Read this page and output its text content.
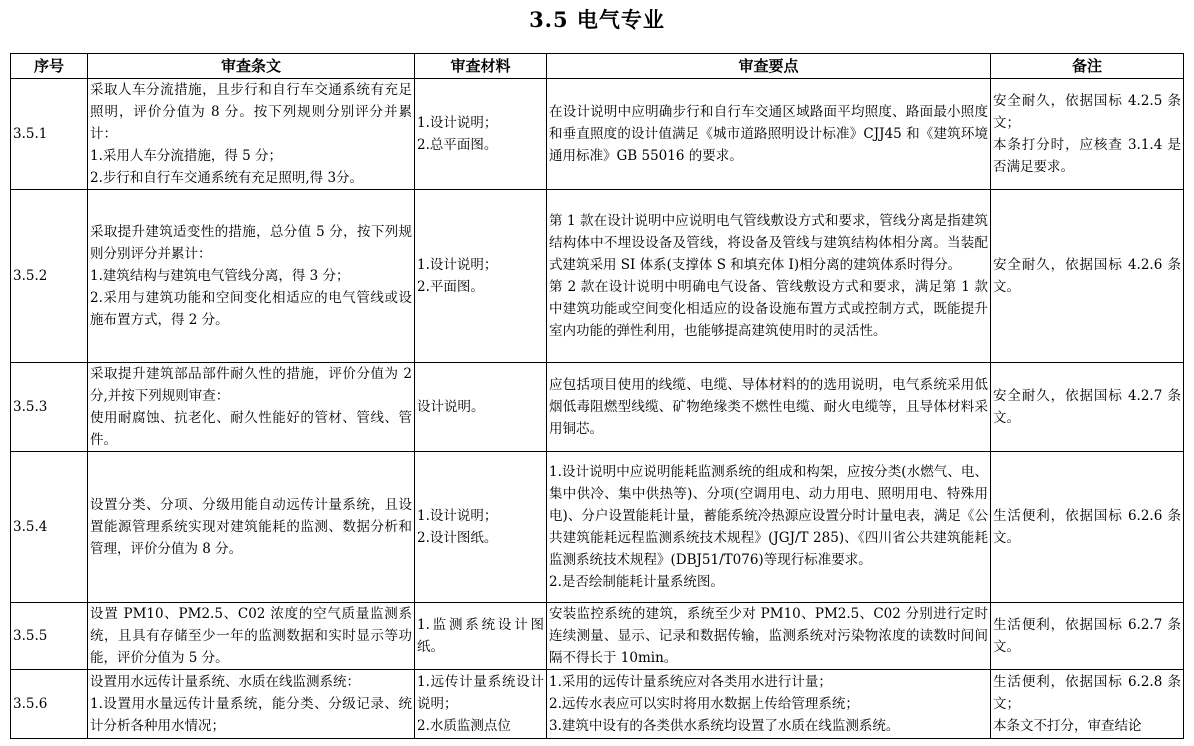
3.5 电气专业
序号	审查条文	审查材料	审查要点	备注
3.5.1	采取人车分流措施，且步行和自行车交通系统有充足照明，评价分值为 8 分。按下列规则分别评分并累计：
1.采用人车分流措施，得 5 分；
2.步行和自行车交通系统有充足照明,得 3分。	1.设计说明；
2.总平面图。	在设计说明中应明确步行和自行车交通区域路面平均照度、路面最小照度和垂直照度的设计值满足《城市道路照明设计标准》CJJ45 和《建筑环境通用标准》GB 55016 的要求。	安全耐久，依据国标 4.2.5 条文；
本条打分时，应核查 3.1.4 是否满足要求。
3.5.2	采取提升建筑适变性的措施，总分值 5 分，按下列规则分别评分并累计：
1.建筑结构与建筑电气管线分离，得 3 分；
2.采用与建筑功能和空间变化相适应的电气管线或设施布置方式，得 2 分。	1.设计说明；
2.平面图。	第 1 款在设计说明中应说明电气管线敷设方式和要求，管线分离是指建筑结构体中不埋设设备及管线，将设备及管线与建筑结构体相分离。当装配式建筑采用 SI 体系(支撑体 S 和填充体 I)相分离的建筑体系时得分。
第 2 款在设计说明中明确电气设备、管线敷设方式和要求，满足第 1 款中建筑功能或空间变化相适应的设备设施布置方式或控制方式，既能提升室内功能的弹性利用，也能够提高建筑使用时的灵活性。	安全耐久，依据国标 4.2.6 条文。
3.5.3	采取提升建筑部品部件耐久性的措施，评价分值为 2 分,并按下列规则审查：
使用耐腐蚀、抗老化、耐久性能好的管材、管线、管件。	设计说明。	应包括项目使用的线缆、电缆、导体材料的的选用说明，电气系统采用低烟低毒阻燃型线缆、矿物绝缘类不燃性电缆、耐火电缆等，且导体材料采用铜芯。	安全耐久，依据国标 4.2.7 条文。
3.5.4	设置分类、分项、分级用能自动远传计量系统，且设置能源管理系统实现对建筑能耗的监测、数据分析和管理，评价分值为 8 分。	1.设计说明；
2.设计图纸。	1.设计说明中应说明能耗监测系统的组成和构架，应按分类(水燃气、电、集中供冷、集中供热等)、分项(空调用电、动力用电、照明用电、特殊用电)、分户设置能耗计量，蓄能系统冷热源应设置分时计量电表，满足《公共建筑能耗远程监测系统技术规程》(JGJ/T 285)、《四川省公共建筑能耗监测系统技术规程》(DBJ51/T076)等现行标准要求。
2.是否绘制能耗计量系统图。	生活便利，依据国标 6.2.6 条文。
3.5.5	设置 PM10、PM2.5、C02 浓度的空气质量监测系统，且具有存储至少一年的监测数据和实时显示等功能，评价分值为 5 分。	1.监测系统设计图纸。	安装监控系统的建筑，系统至少对 PM10、PM2.5、C02 分别进行定时连续测量、显示、记录和数据传输，监测系统对污染物浓度的读数时间间隔不得长于 10min。	生活便利，依据国标 6.2.7 条文。
3.5.6	设置用水远传计量系统、水质在线监测系统：
1.设置用水量远传计量系统，能分类、分级记录、统计分析各种用水情况；	1.远传计量系统设计说明；
2.水质监测点位	1.采用的远传计量系统应对各类用水进行计量；
2.远传水表应可以实时将用水数据上传给管理系统；
3.建筑中设有的各类供水系统均设置了水质在线监测系统。	生活便利，依据国标 6.2.8 条文；
本条文不打分，审查结论
